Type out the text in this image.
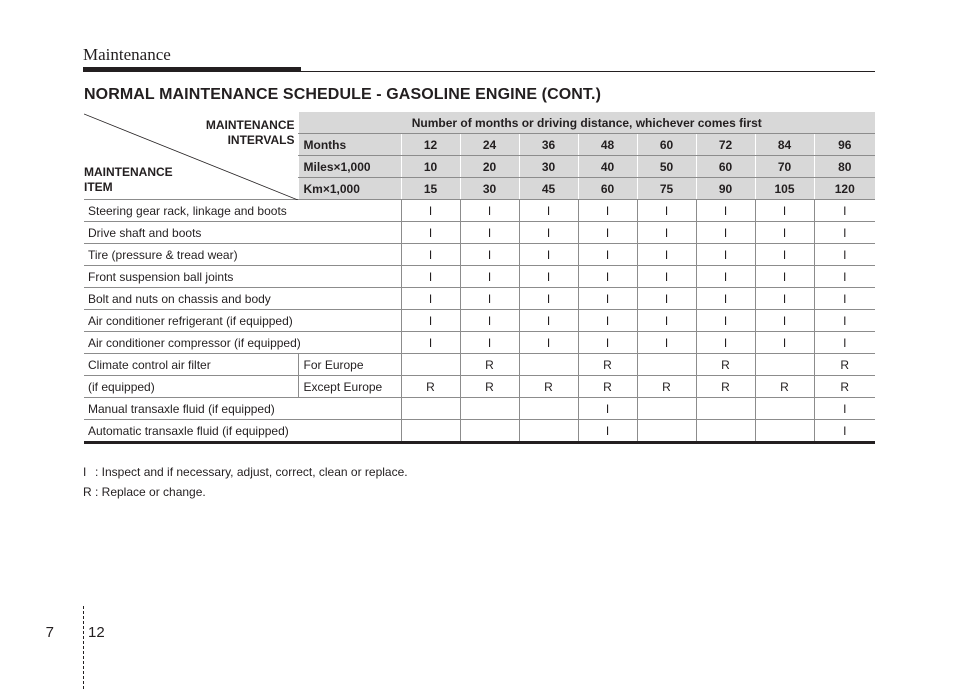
Maintenance
NORMAL MAINTENANCE SCHEDULE - GASOLINE ENGINE (CONT.)
MAINTENANCE
INTERVALS
MAINTENANCE
ITEM	Number of months or driving distance, whichever comes first								
	Months	12	24	36	48	60	72	84	96
	Miles×1,000	10	20	30	40	50	60	70	80
	Km×1,000	15	30	45	60	75	90	105	120
Steering gear rack, linkage and boots		I	I	I	I	I	I	I	I
Drive shaft and boots		I	I	I	I	I	I	I	I
Tire (pressure & tread wear)		I	I	I	I	I	I	I	I
Front suspension ball joints		I	I	I	I	I	I	I	I
Bolt and nuts on chassis and body		I	I	I	I	I	I	I	I
Air conditioner refrigerant (if equipped)		I	I	I	I	I	I	I	I
Air conditioner compressor (if equipped)		I	I	I	I	I	I	I	I
Climate control air filter	For Europe		R		R		R		R
(if equipped)	Except Europe	R	R	R	R	R	R	R	R
Manual transaxle fluid (if equipped)					I				I
Automatic transaxle fluid (if equipped)					I				I

I : Inspect and if necessary, adjust, correct, clean or replace.

R : Replace or change.

7 12
